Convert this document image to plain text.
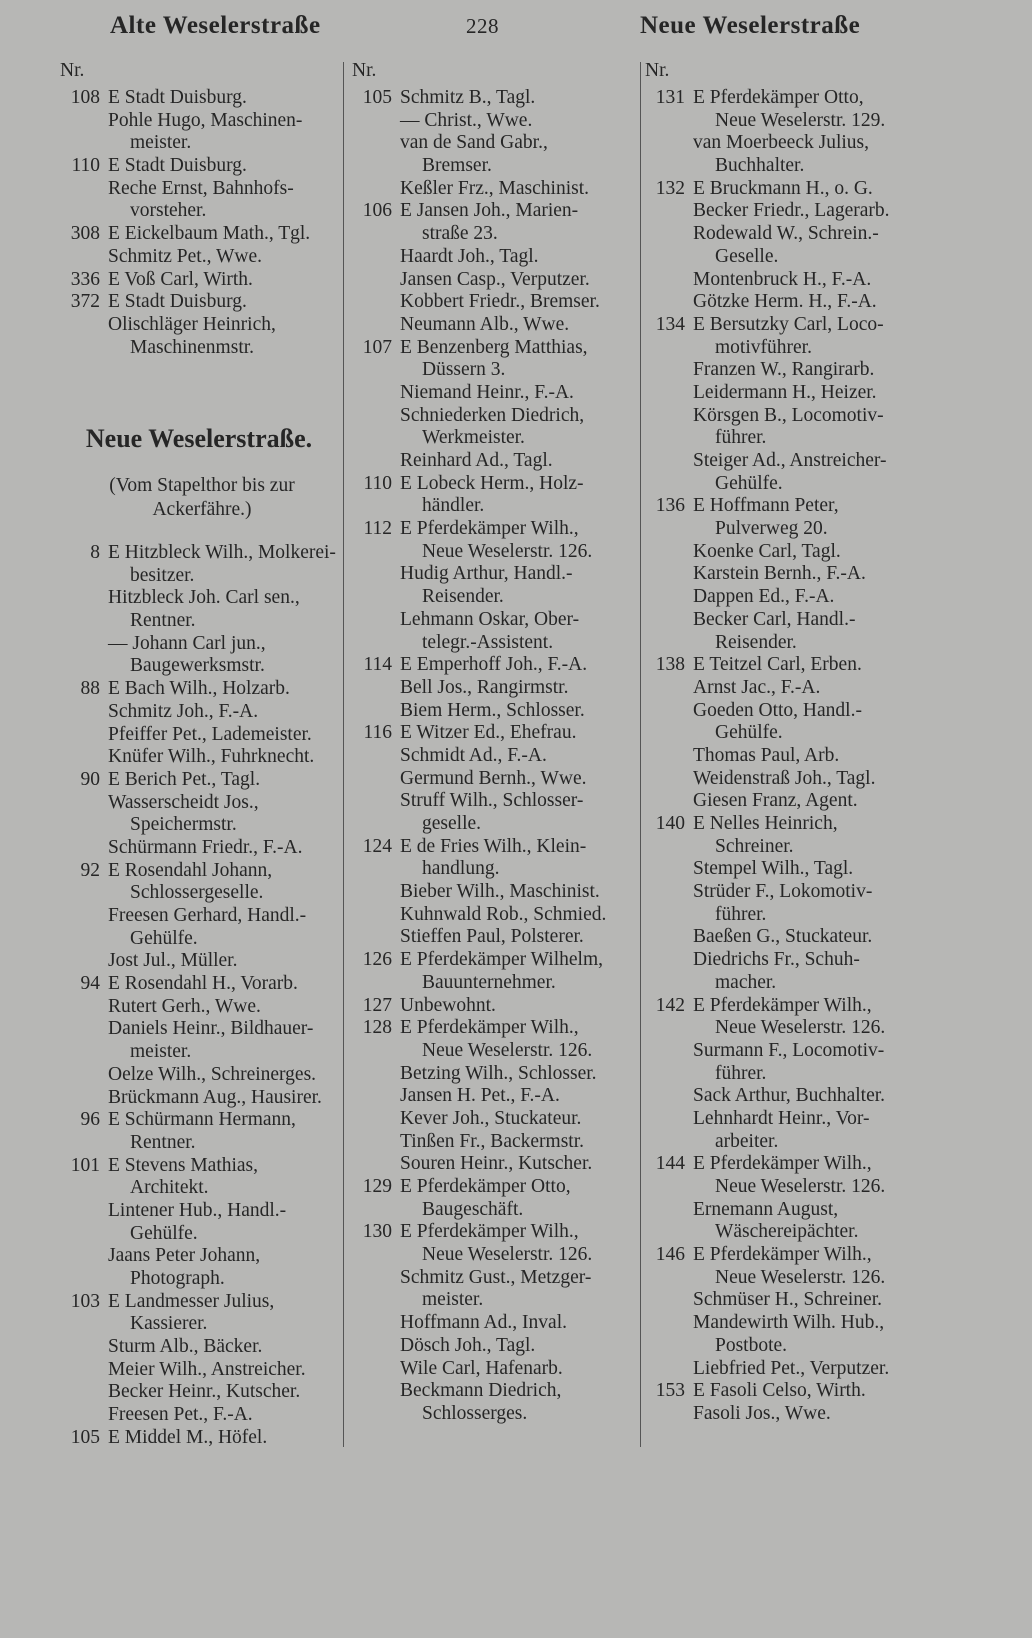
Alte Weselerstraße	228	Neue Weselerstraße
Nr.	Nr.	Nr.
108 E Stadt Duisburg.
Pohle Hugo, Maschinen-
meister.
110 E Stadt Duisburg.
Reche Ernst, Bahnhofs-
vorsteher.
308 E Eickelbaum Math., Tgl.
Schmitz Pet., Wwe.
336 E Voß Carl, Wirth.
372 E Stadt Duisburg.
Olischläger Heinrich,
Maschinenmstr.
Neue Weselerstraße.
(Vom Stapelthor bis zur
Ackerfähre.)
8 E Hitzbleck Wilh., Molkerei-
besitzer.
Hitzbleck Joh. Carl sen.,
Rentner.
— Johann Carl jun.,
Baugewerksmstr.
88 E Bach Wilh., Holzarb.
Schmitz Joh., F.-A.
Pfeiffer Pet., Lademeister.
Knüfer Wilh., Fuhrknecht.
90 E Berich Pet., Tagl.
Wasserscheidt Jos.,
Speichermstr.
Schürmann Friedr., F.-A.
92 E Rosendahl Johann,
Schlossergeselle.
Freesen Gerhard, Handl.-
Gehülfe.
Jost Jul., Müller.
94 E Rosendahl H., Vorarb.
Rutert Gerh., Wwe.
Daniels Heinr., Bildhauer-
meister.
Oelze Wilh., Schreinerges.
Brückmann Aug., Hausirer.
96 E Schürmann Hermann,
Rentner.
101 E Stevens Mathias,
Architekt.
Lintener Hub., Handl.-
Gehülfe.
Jaans Peter Johann,
Photograph.
103 E Landmesser Julius,
Kassierer.
Sturm Alb., Bäcker.
Meier Wilh., Anstreicher.
Becker Heinr., Kutscher.
Freesen Pet., F.-A.
105 E Middel M., Höfel.
105 Schmitz B., Tagl.
— Christ., Wwe.
van de Sand Gabr.,
Bremser.
Keßler Frz., Maschinist.
106 E Jansen Joh., Marien-
straße 23.
Haardt Joh., Tagl.
Jansen Casp., Verputzer.
Kobbert Friedr., Bremser.
Neumann Alb., Wwe.
107 E Benzenberg Matthias,
Düssern 3.
Niemand Heinr., F.-A.
Schniederken Diedrich,
Werkmeister.
Reinhard Ad., Tagl.
110 E Lobeck Herm., Holz-
händler.
112 E Pferdekämper Wilh.,
Neue Weselerstr. 126.
Hudig Arthur, Handl.-
Reisender.
Lehmann Oskar, Ober-
telegr.-Assistent.
114 E Emperhoff Joh., F.-A.
Bell Jos., Rangirmstr.
Biem Herm., Schlosser.
116 E Witzer Ed., Ehefrau.
Schmidt Ad., F.-A.
Germund Bernh., Wwe.
Struff Wilh., Schlosser-
geselle.
124 E de Fries Wilh., Klein-
handlung.
Bieber Wilh., Maschinist.
Kuhnwald Rob., Schmied.
Stieffen Paul, Polsterer.
126 E Pferdekämper Wilhelm,
Bauunternehmer.
127 Unbewohnt.
128 E Pferdekämper Wilh.,
Neue Weselerstr. 126.
Betzing Wilh., Schlosser.
Jansen H. Pet., F.-A.
Kever Joh., Stuckateur.
Tinßen Fr., Backermstr.
Souren Heinr., Kutscher.
129 E Pferdekämper Otto,
Baugeschäft.
130 E Pferdekämper Wilh.,
Neue Weselerstr. 126.
Schmitz Gust., Metzger-
meister.
Hoffmann Ad., Inval.
Dösch Joh., Tagl.
Wile Carl, Hafenarb.
Beckmann Diedrich,
Schlosserges.
131 E Pferdekämper Otto,
Neue Weselerstr. 129.
van Moerbeeck Julius,
Buchhalter.
132 E Bruckmann H., o. G.
Becker Friedr., Lagerarb.
Rodewald W., Schrein.-
Geselle.
Montenbruck H., F.-A.
Götzke Herm. H., F.-A.
134 E Bersutzky Carl, Loco-
motivführer.
Franzen W., Rangirarb.
Leidermann H., Heizer.
Körsgen B., Locomotiv-
führer.
Steiger Ad., Anstreicher-
Gehülfe.
136 E Hoffmann Peter,
Pulverweg 20.
Koenke Carl, Tagl.
Karstein Bernh., F.-A.
Dappen Ed., F.-A.
Becker Carl, Handl.-
Reisender.
138 E Teitzel Carl, Erben.
Arnst Jac., F.-A.
Goeden Otto, Handl.-
Gehülfe.
Thomas Paul, Arb.
Weidenstraß Joh., Tagl.
Giesen Franz, Agent.
140 E Nelles Heinrich,
Schreiner.
Stempel Wilh., Tagl.
Strüder F., Lokomotiv-
führer.
Baeßen G., Stuckateur.
Diedrichs Fr., Schuh-
macher.
142 E Pferdekämper Wilh.,
Neue Weselerstr. 126.
Surmann F., Locomotiv-
führer.
Sack Arthur, Buchhalter.
Lehnhardt Heinr., Vor-
arbeiter.
144 E Pferdekämper Wilh.,
Neue Weselerstr. 126.
Ernemann August,
Wäschereipächter.
146 E Pferdekämper Wilh.,
Neue Weselerstr. 126.
Schmüser H., Schreiner.
Mandewirth Wilh. Hub.,
Postbote.
Liebfried Pet., Verputzer.
153 E Fasoli Celso, Wirth.
Fasoli Jos., Wwe.
